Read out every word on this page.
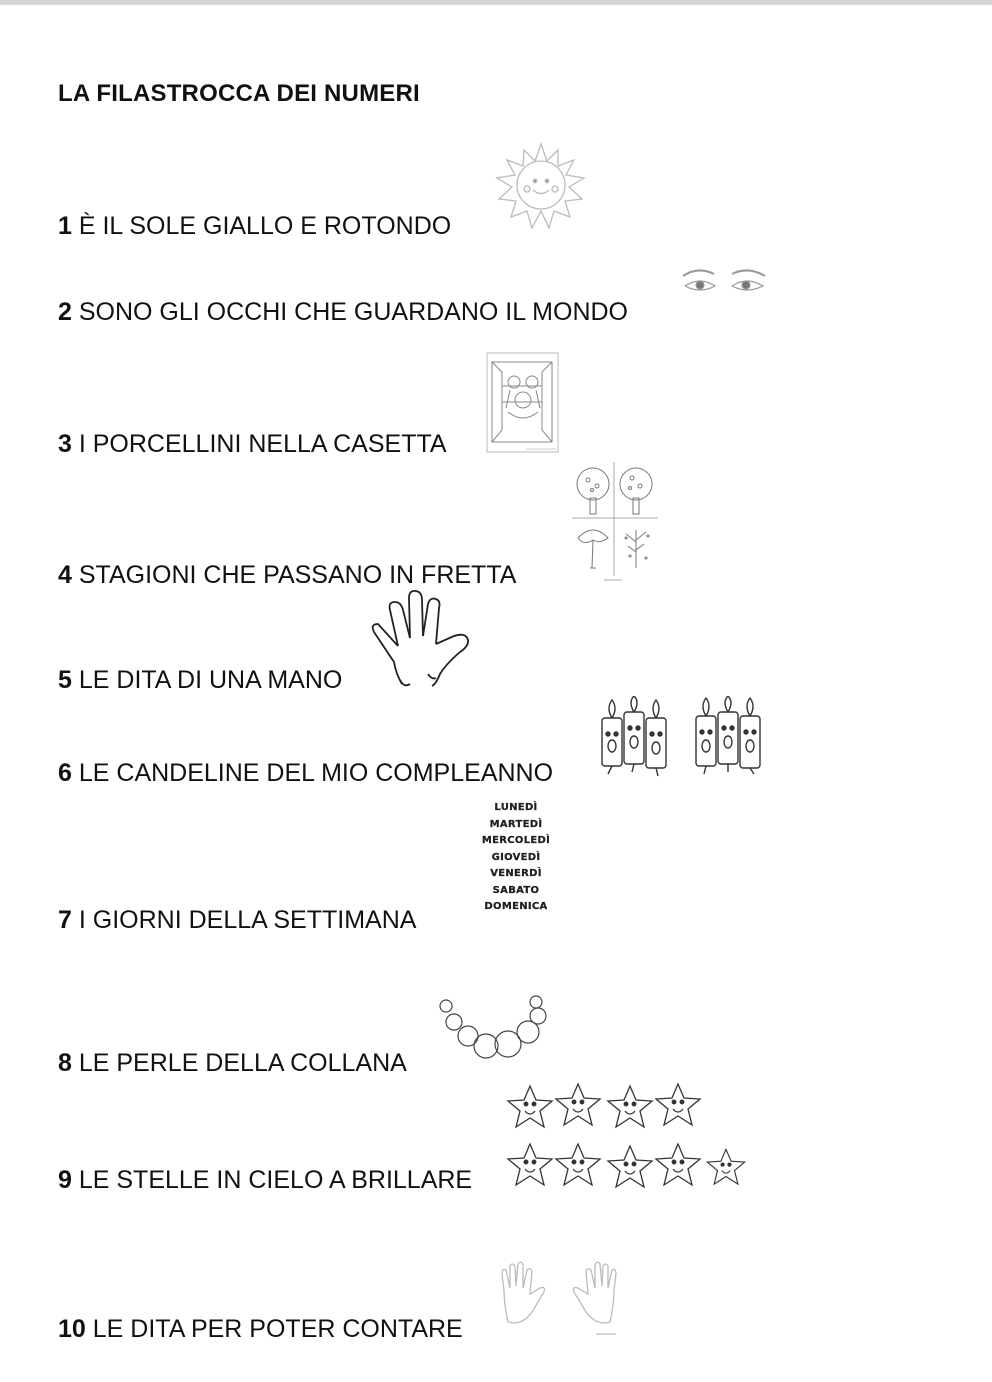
LA FILASTROCCA DEI NUMERI
1 È IL SOLE GIALLO E ROTONDO
2 SONO GLI OCCHI CHE GUARDANO IL MONDO
3 I PORCELLINI NELLA CASETTA
4 STAGIONI CHE PASSANO IN FRETTA
5 LE DITA DI UNA MANO
6 LE CANDELINE DEL MIO COMPLEANNO
7 I GIORNI DELLA SETTIMANA
LUNEDÌ
MARTEDÌ
MERCOLEDÌ
GIOVEDÌ
VENERDÌ
SABATO
DOMENICA
8 LE PERLE DELLA COLLANA
9 LE STELLE IN CIELO A BRILLARE
10 LE DITA PER POTER CONTARE
